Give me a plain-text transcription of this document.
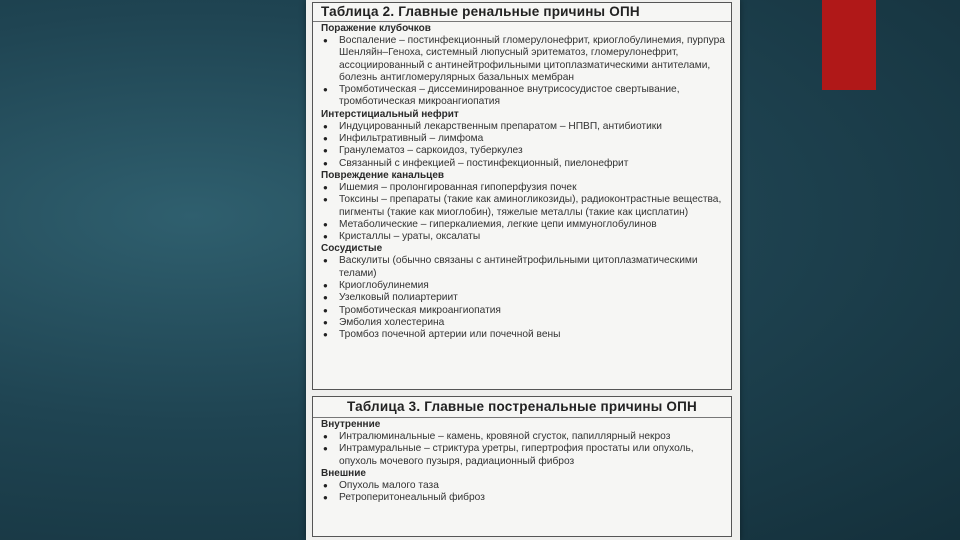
Таблица 2. Главные ренальные причины ОПН
Поражение клубочков
● Воспаление – постинфекционный гломерулонефрит, криоглобулинемия, пурпура Шенляйн–Геноха, системный люпусный эритематоз, гломерулонефрит, ассоциированный с антинейтрофильными цитоплазматическими антителами, болезнь антигломерулярных базальных мембран
● Тромботическая – диссеминированное внутрисосудистое свертывание, тромботическая микроангиопатия
Интерстициальный нефрит
● Индуцированный лекарственным препаратом – НПВП, антибиотики
● Инфильтративный – лимфома
● Гранулематоз – саркоидоз, туберкулез
● Связанный с инфекцией – постинфекционный, пиелонефрит
Повреждение канальцев
● Ишемия – пролонгированная гипоперфузия почек
● Токсины – препараты (такие как аминогликозиды), радиоконтрастные вещества, пигменты (такие как миоглобин), тяжелые металлы (такие как цисплатин)
● Метаболические – гиперкалиемия, легкие цепи иммуноглобулинов
● Кристаллы – ураты, оксалаты
Сосудистые
● Васкулиты (обычно связаны с антинейтрофильными цитоплазматическими телами)
● Криоглобулинемия
● Узелковый полиартериит
● Тромботическая микроангиопатия
● Эмболия холестерина
● Тромбоз почечной артерии или почечной вены
Таблица 3. Главные постренальные причины ОПН
Внутренние
● Интралюминальные – камень, кровяной сгусток, папиллярный некроз
● Интрамуральные – стриктура уретры, гипертрофия простаты или опухоль, опухоль мочевого пузыря, радиационный фиброз
Внешние
● Опухоль малого таза
● Ретроперитонеальный фиброз
